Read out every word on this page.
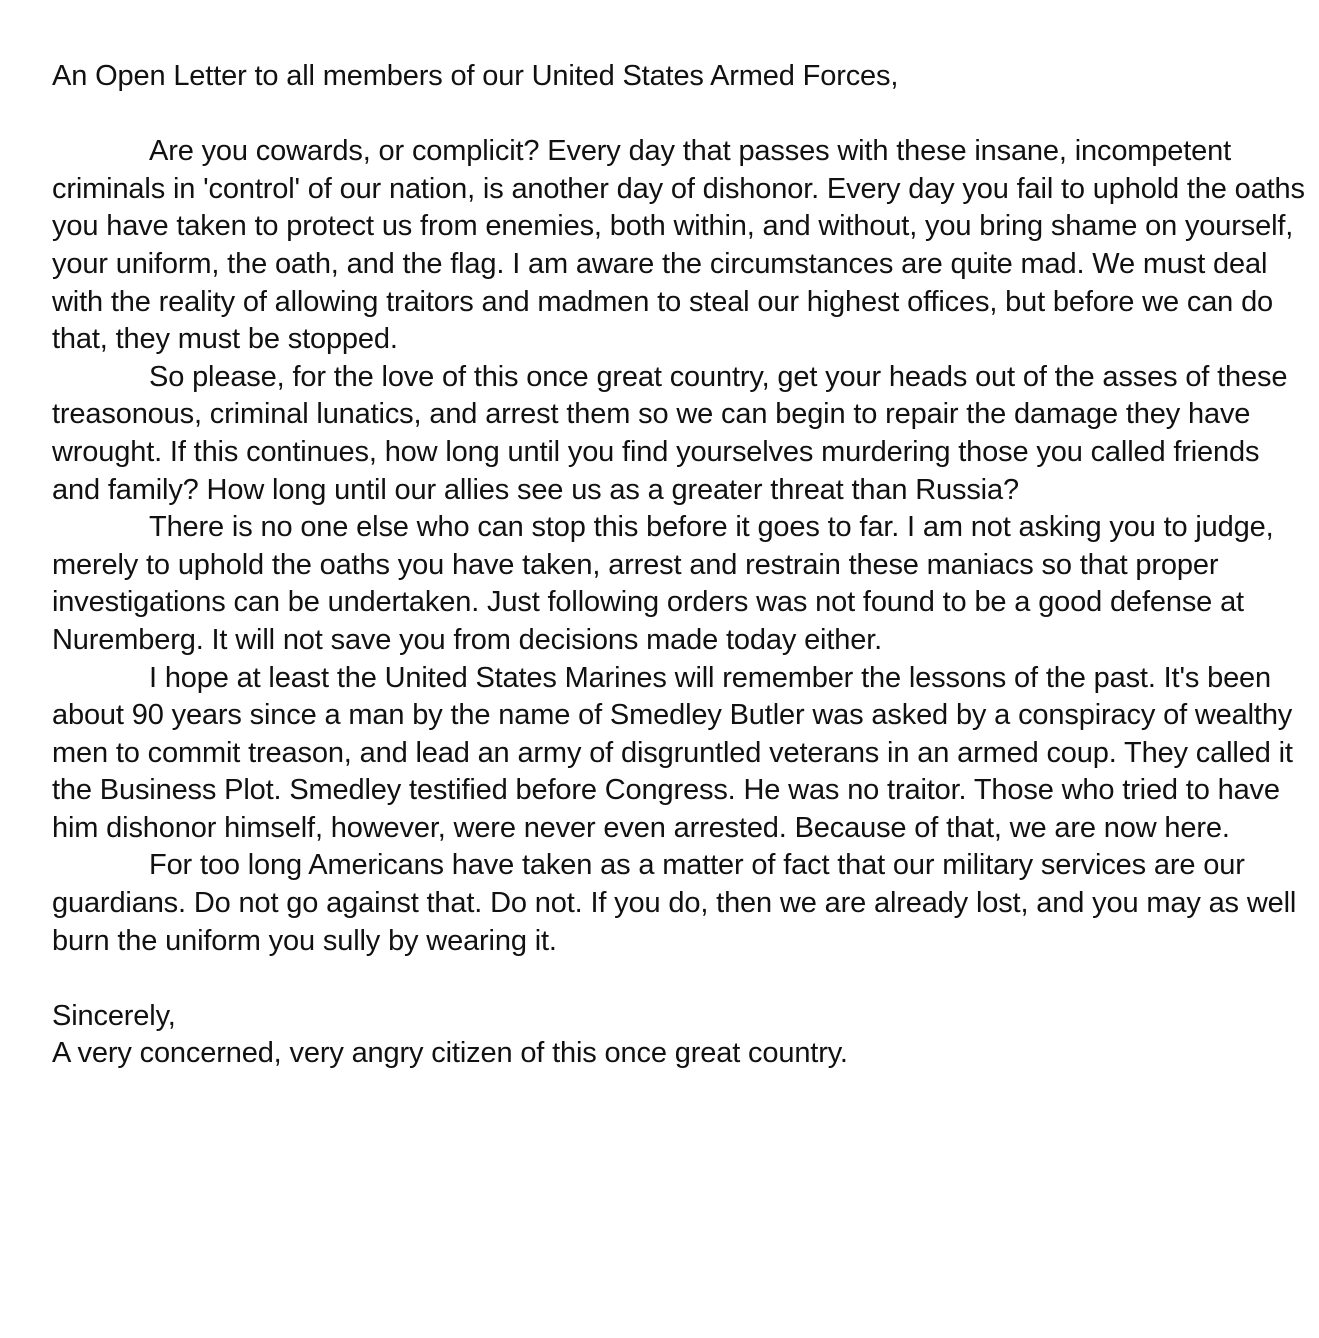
An Open Letter to all members of our United States Armed Forces,

Are you cowards, or complicit? Every day that passes with these insane, incompetent criminals in 'control' of our nation, is another day of dishonor. Every day you fail to uphold the oaths you have taken to protect us from enemies, both within, and without, you bring shame on yourself, your uniform, the oath, and the flag. I am aware the circumstances are quite mad. We must deal with the reality of allowing traitors and madmen to steal our highest offices, but before we can do that, they must be stopped.

So please, for the love of this once great country, get your heads out of the asses of these treasonous, criminal lunatics, and arrest them so we can begin to repair the damage they have wrought. If this continues, how long until you find yourselves murdering those you called friends and family? How long until our allies see us as a greater threat than Russia?

There is no one else who can stop this before it goes to far. I am not asking you to judge, merely to uphold the oaths you have taken, arrest and restrain these maniacs so that proper investigations can be undertaken. Just following orders was not found to be a good defense at Nuremberg. It will not save you from decisions made today either.

I hope at least the United States Marines will remember the lessons of the past. It's been about 90 years since a man by the name of Smedley Butler was asked by a conspiracy of wealthy men to commit treason, and lead an army of disgruntled veterans in an armed coup. They called it the Business Plot. Smedley testified before Congress. He was no traitor. Those who tried to have him dishonor himself, however, were never even arrested. Because of that, we are now here.

For too long Americans have taken as a matter of fact that our military services are our guardians. Do not go against that. Do not. If you do, then we are already lost, and you may as well burn the uniform you sully by wearing it.

Sincerely,

A very concerned, very angry citizen of this once great country.
